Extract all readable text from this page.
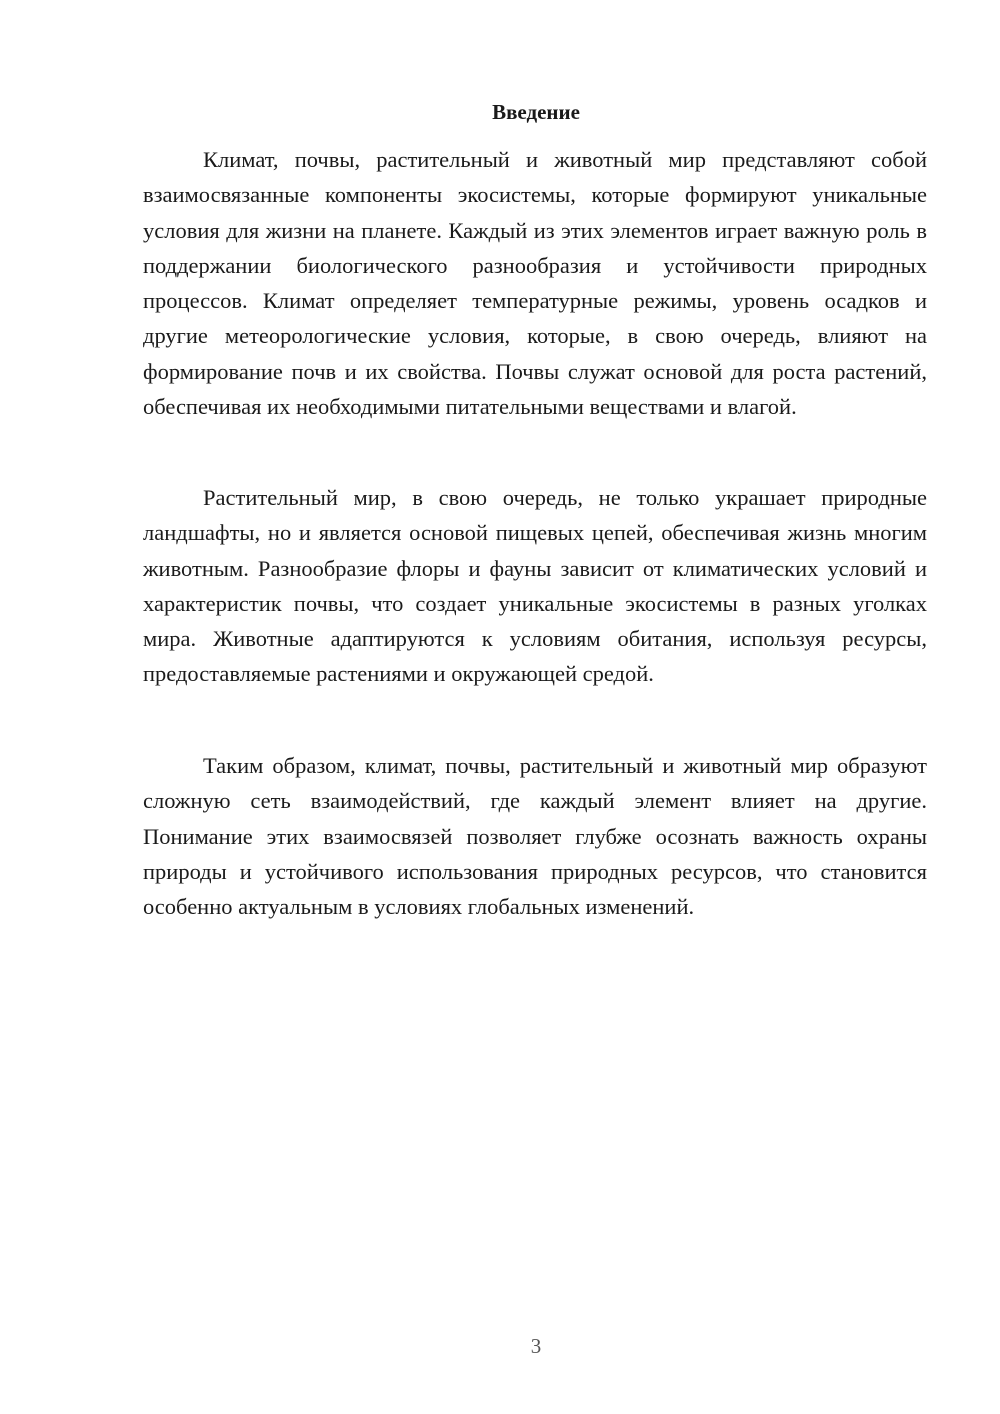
Введение

Климат, почвы, растительный и животный мир представляют собой взаимосвязанные компоненты экосистемы, которые формируют уникальные условия для жизни на планете. Каждый из этих элементов играет важную роль в поддержании биологического разнообразия и устойчивости природных процессов. Климат определяет температурные режимы, уровень осадков и другие метеорологические условия, которые, в свою очередь, влияют на формирование почв и их свойства. Почвы служат основой для роста растений, обеспечивая их необходимыми питательными веществами и влагой.

Растительный мир, в свою очередь, не только украшает природные ландшафты, но и является основой пищевых цепей, обеспечивая жизнь многим животным. Разнообразие флоры и фауны зависит от климатических условий и характеристик почвы, что создает уникальные экосистемы в разных уголках мира. Животные адаптируются к условиям обитания, используя ресурсы, предоставляемые растениями и окружающей средой.

Таким образом, климат, почвы, растительный и животный мир образуют сложную сеть взаимодействий, где каждый элемент влияет на другие. Понимание этих взаимосвязей позволяет глубже осознать важность охраны природы и устойчивого использования природных ресурсов, что становится особенно актуальным в условиях глобальных изменений.

3
